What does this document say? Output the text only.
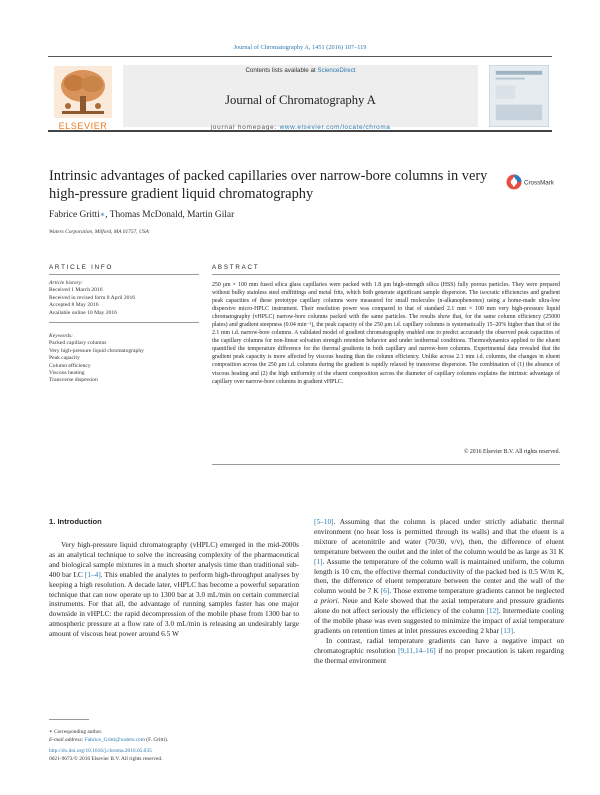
Journal of Chromatography A, 1451 (2016) 107–119
ELSEVIER
Contents lists available at ScienceDirect
Journal of Chromatography A
journal homepage: www.elsevier.com/locate/chroma
Intrinsic advantages of packed capillaries over narrow-bore columns in very high-pressure gradient liquid chromatography
CrossMark
Fabrice Gritti∗, Thomas McDonald, Martin Gilar
Waters Corporation, Milford, MA 01757, USA
ARTICLE INFO
Article history:
Received 1 March 2016
Received in revised form 8 April 2016
Accepted 8 May 2016
Available online 10 May 2016
Keywords:
Packed capillary columns
Very high-pressure liquid chromatography
Peak capacity
Column efficiency
Viscous heating
Transverse dispersion
ABSTRACT
250 μm × 100 mm fused silica glass capillaries were packed with 1.8 μm high-strength silica (HSS) fully porous particles. They were prepared without bulky stainless steel endfittings and metal frits, which both generate significant sample dispersion. The isocratic efficiencies and gradient peak capacities of these prototype capillary columns were measured for small molecules (n-alkanophenones) using a home-made ultra-low dispersive micro-HPLC instrument. Their resolution power was compared to that of standard 2.1 mm × 100 mm very high-pressure liquid chromatography (vHPLC) narrow-bore columns packed with the same particles. The results show that, for the same column efficiency (25000 plates) and gradient steepness (0.04 min⁻¹), the peak capacity of the 250 μm i.d. capillary columns is systematically 15–20% higher than that of the 2.1 mm i.d. narrow-bore columns. A validated model of gradient chromatography enabled one to predict accurately the observed peak capacities of the capillary columns for non-linear solvation strength retention behavior and under isothermal conditions. Thermodynamics applied to the eluent quantified the temperature difference for the thermal gradients in both capillary and narrow-bore columns. Experimental data revealed that the gradient peak capacity is more affected by viscous heating than the column efficiency. Unlike across 2.1 mm i.d. columns, the changes in eluent composition across the 250 μm i.d. columns during the gradient is rapidly relaxed by transverse dispersion. The combination of (1) the absence of viscous heating and (2) the high uniformity of the eluent composition across the diameter of capillary columns explains the intrinsic advantage of capillary over narrow-bore columns in gradient vHPLC.
© 2016 Elsevier B.V. All rights reserved.
1. Introduction

Very high-pressure liquid chromatography (vHPLC) emerged in the mid-2000s as an analytical technique to solve the increasing complexity of the pharmaceutical and biological sample mixtures in a much shorter analysis time than traditional sub-400 bar LC [1–4]. This enabled the analytes to perform high-throughput analyses by keeping a high resolution. A decade later, vHPLC has become a powerful separation technique that can now operate up to 1300 bar at 3.0 mL/min on certain commercial instruments. For that all, the advantage of running samples faster has one major downside in vHPLC: the rapid decompression of the mobile phase from 1300 bar to atmospheric pressure at a flow rate of 3.0 mL/min is releasing an undesirably large amount of viscous heat power around 6.5 W

[5–10]. Assuming that the column is placed under strictly adiabatic thermal environment (no heat loss is permitted through its walls) and that the eluent is a mixture of acetonitrile and water (70/30, v/v), then, the difference of eluent temperature between the outlet and the inlet of the column would be as large as 31 K [1]. Assume the temperature of the column wall is maintained uniform, the column length is 10 cm, the effective thermal conductivity of the packed bed is 0.5 W/m K, then, the difference of eluent temperature between the center and the wall of the column would be 7 K [6]. Those extreme temperature gradients cannot be neglected a priori. Neue and Kele showed that the axial temperature and pressure gradients alone do not affect seriously the efficiency of the column [12]. Intermediate cooling of the mobile phase was even suggested to minimize the impact of axial temperature gradients on retention times at inlet pressures exceeding 2 kbar [13].

In contrast, radial temperature gradients can have a negative impact on chromatographic resolution [9,11,14–16] if no proper precaution is taken regarding the thermal environment

∗ Corresponding author.
E-mail address: Fabrice_Gritti@waters.com (F. Gritti).
http://dx.doi.org/10.1016/j.chroma.2016.05.035
0021-9673/© 2016 Elsevier B.V. All rights reserved.
